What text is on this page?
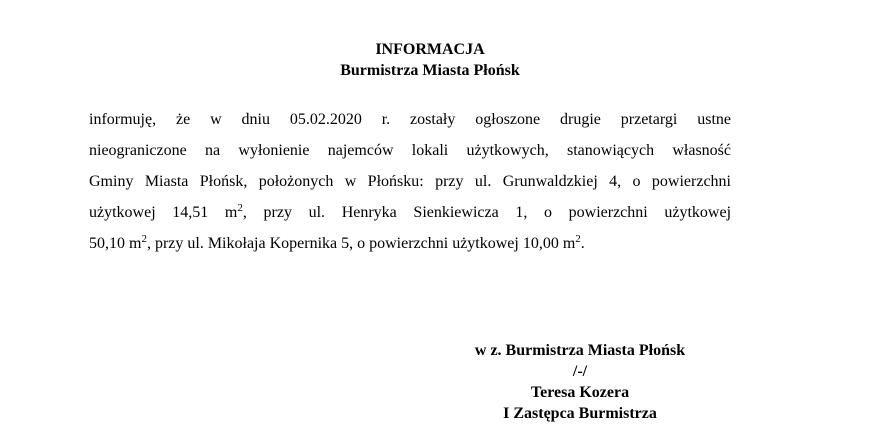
INFORMACJA
Burmistrza Miasta Płońsk
informuję, że w dniu 05.02.2020 r. zostały ogłoszone drugie przetargi ustne
nieograniczone na wyłonienie najemców lokali użytkowych, stanowiących własność
Gminy Miasta Płońsk, położonych w Płońsku: przy ul. Grunwaldzkiej 4, o powierzchni
użytkowej 14,51 $m^2$, przy ul. Henryka Sienkiewicza 1, o powierzchni użytkowej
50,10 $m^2$, przy ul. Mikołaja Kopernika 5, o powierzchni użytkowej 10,00 $m^2$.
w z. Burmistrza Miasta Płońsk
/-/
Teresa Kozera
I Zastępca Burmistrza
